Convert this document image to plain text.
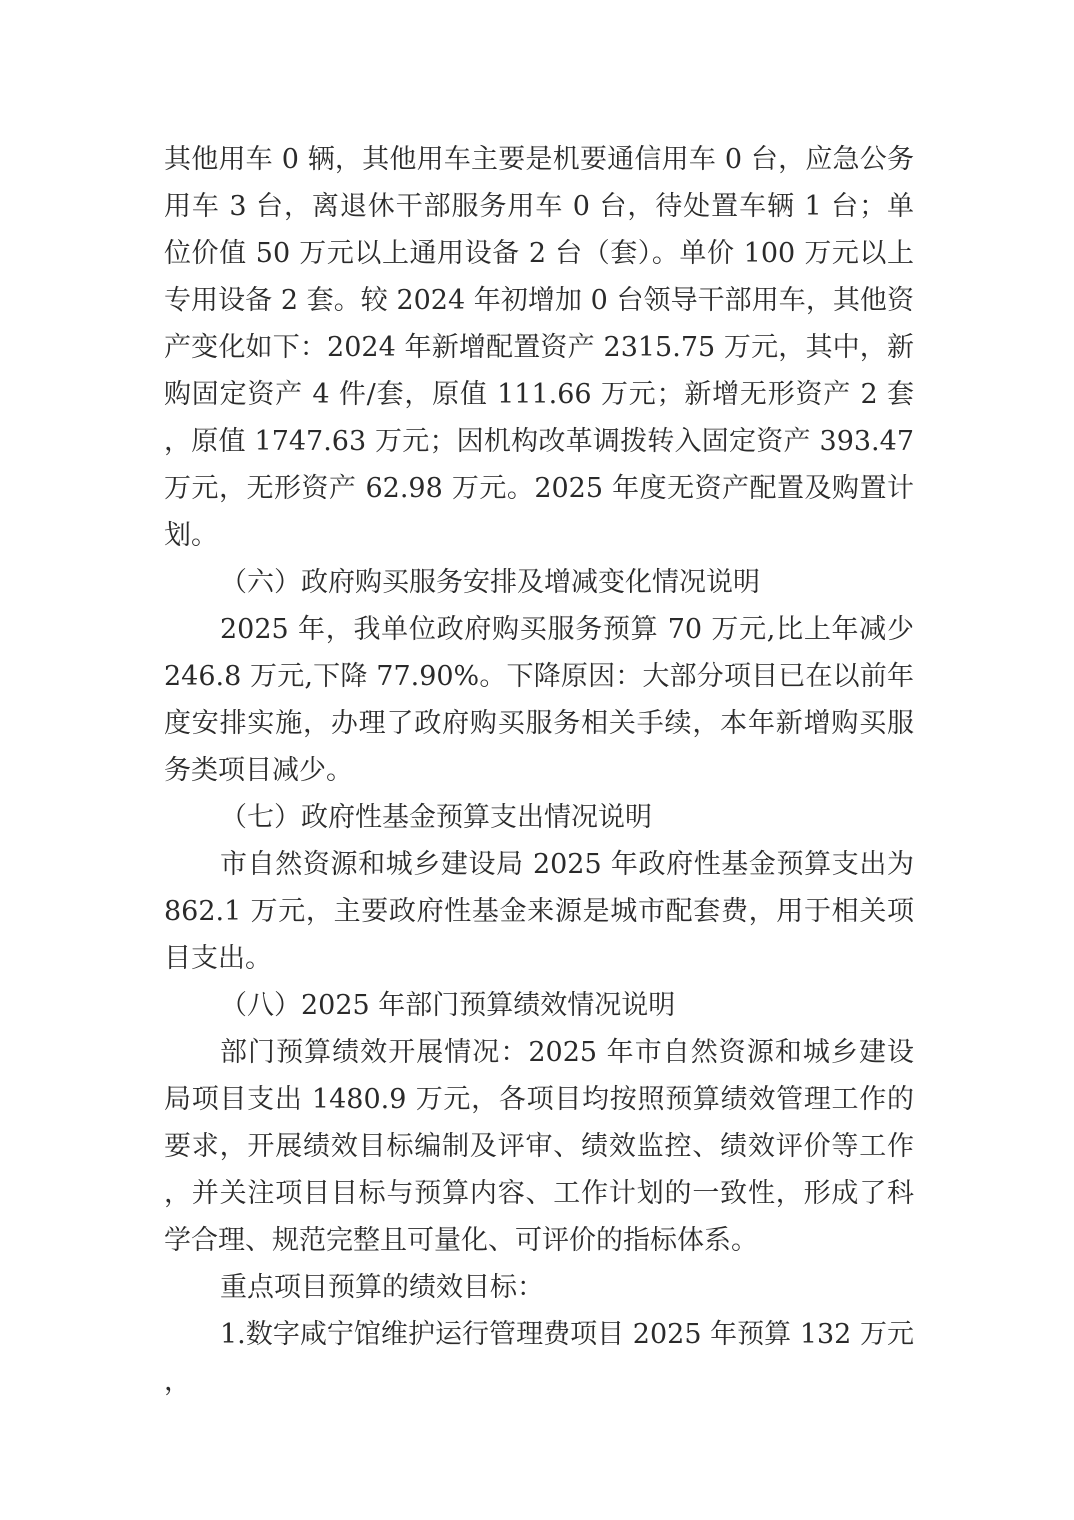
其他用车 0 辆，其他用车主要是机要通信用车 0 台，应急公务用车 3 台，离退休干部服务用车 0 台，待处置车辆 1 台；单位价值 50 万元以上通用设备 2 台（套）。单价 100 万元以上专用设备 2 套。较 2024 年初增加 0 台领导干部用车，其他资产变化如下：2024 年新增配置资产 2315.75 万元，其中，新购固定资产 4 件/套，原值 111.66 万元；新增无形资产 2 套，原值 1747.63 万元；因机构改革调拨转入固定资产 393.47 万元，无形资产 62.98 万元。2025 年度无资产配置及购置计划。

（六）政府购买服务安排及增减变化情况说明

2025 年，我单位政府购买服务预算 70 万元,比上年减少 246.8 万元,下降 77.90%。下降原因：大部分项目已在以前年度安排实施，办理了政府购买服务相关手续，本年新增购买服务类项目减少。

（七）政府性基金预算支出情况说明

市自然资源和城乡建设局 2025 年政府性基金预算支出为 862.1 万元，主要政府性基金来源是城市配套费，用于相关项目支出。

（八）2025 年部门预算绩效情况说明

部门预算绩效开展情况：2025 年市自然资源和城乡建设局项目支出 1480.9 万元，各项目均按照预算绩效管理工作的要求，开展绩效目标编制及评审、绩效监控、绩效评价等工作，并关注项目目标与预算内容、工作计划的一致性，形成了科学合理、规范完整且可量化、可评价的指标体系。

重点项目预算的绩效目标：

1.数字咸宁馆维护运行管理费项目 2025 年预算 132 万元，
